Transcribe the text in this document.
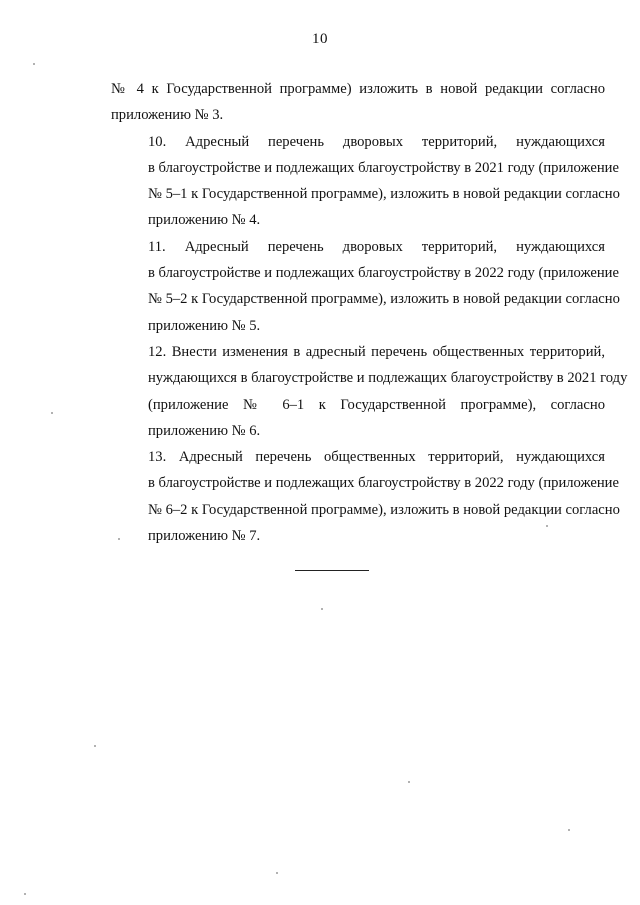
10

№ 4 к Государственной программе) изложить в новой редакции согласно
приложению № 3.

10. Адресный перечень дворовых территорий, нуждающихся
в благоустройстве и подлежащих благоустройству в 2021 году (приложение
№ 5–1 к Государственной программе), изложить в новой редакции согласно
приложению № 4.

11. Адресный перечень дворовых территорий, нуждающихся
в благоустройстве и подлежащих благоустройству в 2022 году (приложение
№ 5–2 к Государственной программе), изложить в новой редакции согласно
приложению № 5.

12. Внести изменения в адресный перечень общественных территорий,
нуждающихся в благоустройстве и подлежащих благоустройству в 2021 году
(приложение № 6–1 к Государственной программе), согласно
приложению № 6.

13. Адресный перечень общественных территорий, нуждающихся
в благоустройстве и подлежащих благоустройству в 2022 году (приложение
№ 6–2 к Государственной программе), изложить в новой редакции согласно
приложению № 7.
